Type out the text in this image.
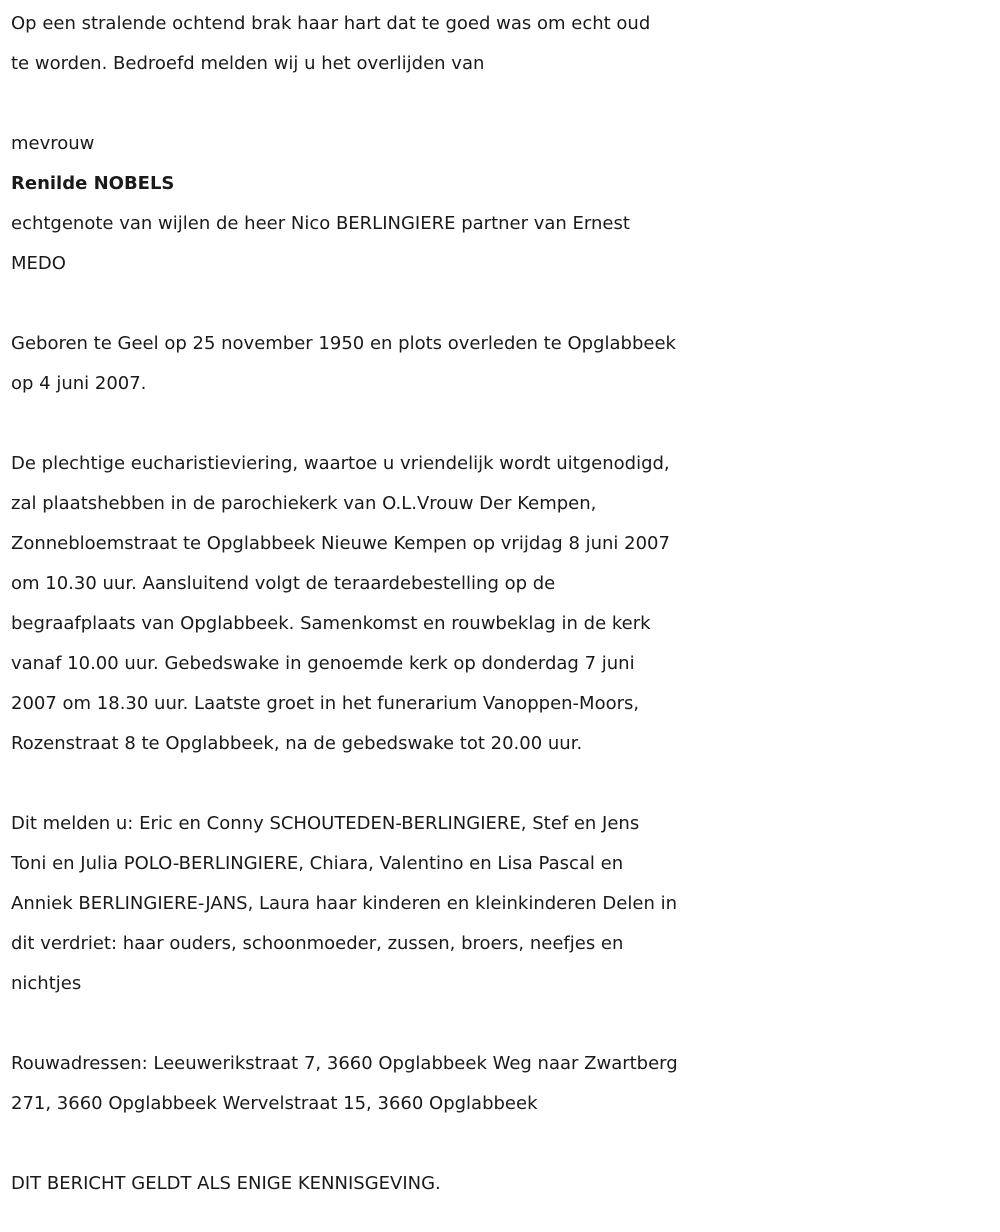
Op een stralende ochtend brak haar hart dat te goed was om echt oud
te worden. Bedroefd melden wij u het overlijden van
mevrouw
Renilde NOBELS
echtgenote van wijlen de heer Nico BERLINGIERE partner van Ernest
MEDO
Geboren te Geel op 25 november 1950 en plots overleden te Opglabbeek
op 4 juni 2007.
De plechtige eucharistieviering, waartoe u vriendelijk wordt uitgenodigd,
zal plaatshebben in de parochiekerk van O.L.Vrouw Der Kempen,
Zonnebloemstraat te Opglabbeek Nieuwe Kempen op vrijdag 8 juni 2007
om 10.30 uur. Aansluitend volgt de teraardebestelling op de
begraafplaats van Opglabbeek. Samenkomst en rouwbeklag in de kerk
vanaf 10.00 uur. Gebedswake in genoemde kerk op donderdag 7 juni
2007 om 18.30 uur. Laatste groet in het funerarium Vanoppen-Moors,
Rozenstraat 8 te Opglabbeek, na de gebedswake tot 20.00 uur.
Dit melden u: Eric en Conny SCHOUTEDEN-BERLINGIERE, Stef en Jens
Toni en Julia POLO-BERLINGIERE, Chiara, Valentino en Lisa Pascal en
Anniek BERLINGIERE-JANS, Laura haar kinderen en kleinkinderen Delen in
dit verdriet: haar ouders, schoonmoeder, zussen, broers, neefjes en
nichtjes
Rouwadressen: Leeuwerikstraat 7, 3660 Opglabbeek Weg naar Zwartberg
271, 3660 Opglabbeek Wervelstraat 15, 3660 Opglabbeek
DIT BERICHT GELDT ALS ENIGE KENNISGEVING.
